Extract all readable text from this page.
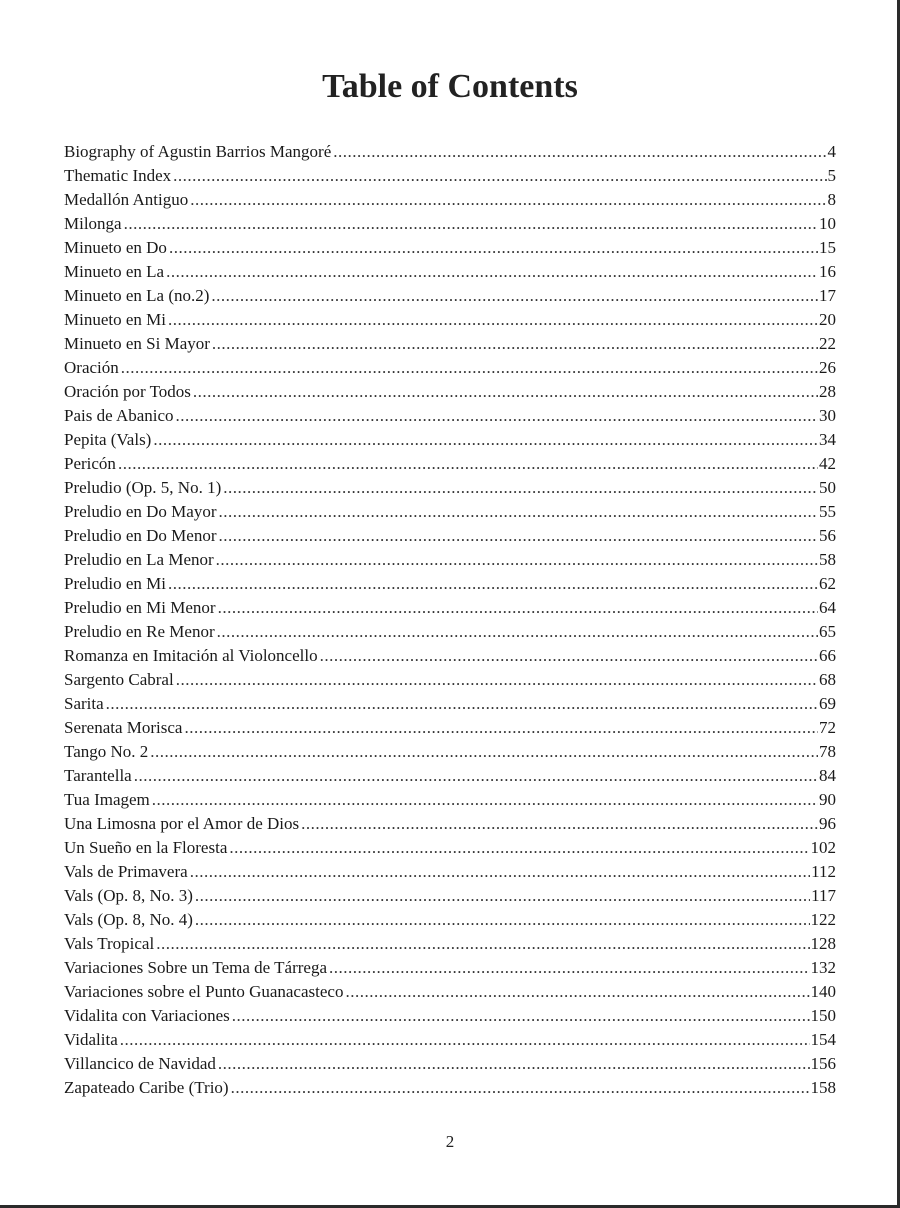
Table of Contents
Biography of Agustin Barrios Mangoré .....	4
Thematic Index .....	5
Medallón Antiguo .....	8
Milonga .....	10
Minueto en Do .....	15
Minueto en La .....	16
Minueto en La (no.2) .....	17
Minueto en Mi .....	20
Minueto en Si Mayor .....	22
Oración .....	26
Oración por Todos .....	28
Pais de Abanico .....	30
Pepita (Vals) .....	34
Pericón .....	42
Preludio (Op. 5, No. 1) .....	50
Preludio en Do Mayor .....	55
Preludio en Do Menor .....	56
Preludio en La Menor .....	58
Preludio en Mi .....	62
Preludio en Mi Menor .....	64
Preludio en Re Menor .....	65
Romanza en Imitación al Violoncello .....	66
Sargento Cabral .....	68
Sarita .....	69
Serenata Morisca .....	72
Tango No. 2 .....	78
Tarantella .....	84
Tua Imagem .....	90
Una Limosna por el Amor de Dios .....	96
Un Sueño en la Floresta .....	102
Vals de Primavera .....	112
Vals (Op. 8, No. 3) .....	117
Vals (Op. 8, No. 4) .....	122
Vals Tropical .....	128
Variaciones Sobre un Tema de Tárrega .....	132
Variaciones sobre el Punto Guanacasteco .....	140
Vidalita con Variaciones .....	150
Vidalita .....	154
Villancico de Navidad .....	156
Zapateado Caribe (Trio) .....	158
2
